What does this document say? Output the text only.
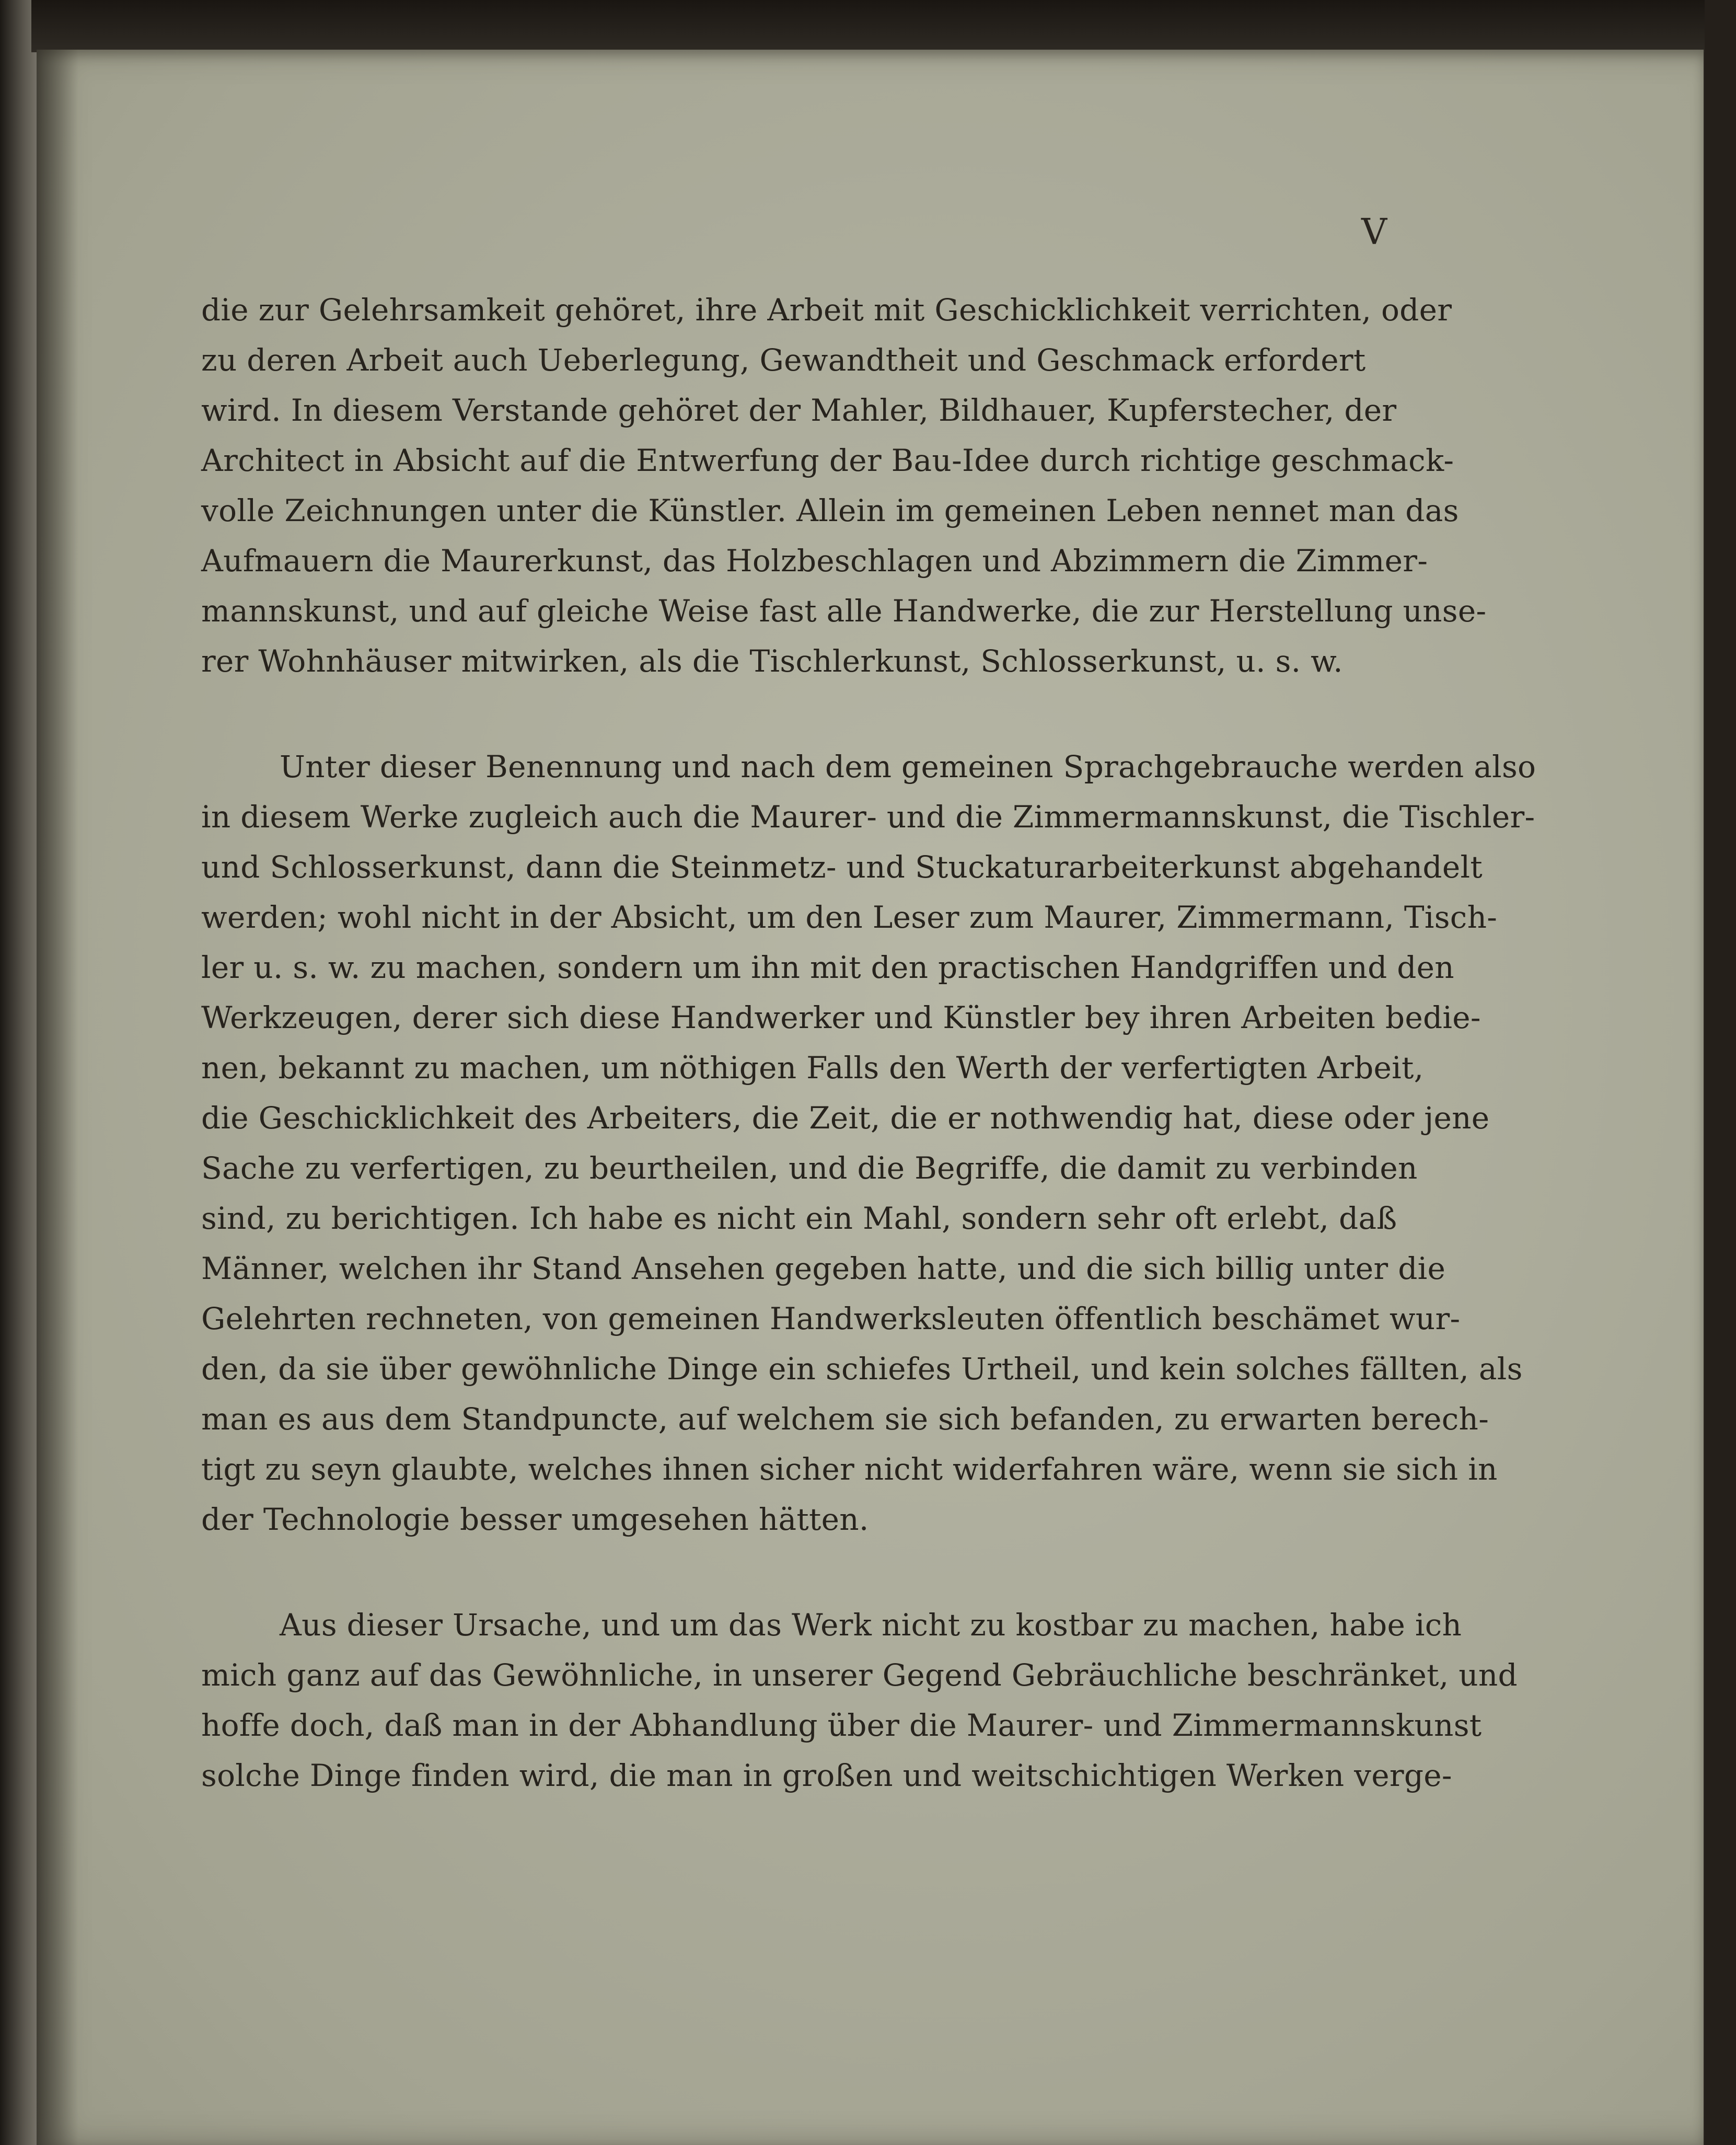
V

die zur Gelehrsamkeit gehöret, ihre Arbeit mit Geschicklichkeit verrichten, oder
zu deren Arbeit auch Ueberlegung, Gewandtheit und Geschmack erfordert
wird. In diesem Verstande gehöret der Mahler, Bildhauer, Kupferstecher, der
Architect in Absicht auf die Entwerfung der Bau-Idee durch richtige geschmack-
volle Zeichnungen unter die Künstler. Allein im gemeinen Leben nennet man das
Aufmauern die Maurerkunst, das Holzbeschlagen und Abzimmern die Zimmer-
mannskunst, und auf gleiche Weise fast alle Handwerke, die zur Herstellung unse-
rer Wohnhäuser mitwirken, als die Tischlerkunst, Schlosserkunst, u. s. w.
Unter dieser Benennung und nach dem gemeinen Sprachgebrauche werden also
in diesem Werke zugleich auch die Maurer- und die Zimmermannskunst, die Tischler-
und Schlosserkunst, dann die Steinmetz- und Stuckaturarbeiterkunst abgehandelt
werden; wohl nicht in der Absicht, um den Leser zum Maurer, Zimmermann, Tisch-
ler u. s. w. zu machen, sondern um ihn mit den practischen Handgriffen und den
Werkzeugen, derer sich diese Handwerker und Künstler bey ihren Arbeiten bedie-
nen, bekannt zu machen, um nöthigen Falls den Werth der verfertigten Arbeit,
die Geschicklichkeit des Arbeiters, die Zeit, die er nothwendig hat, diese oder jene
Sache zu verfertigen, zu beurtheilen, und die Begriffe, die damit zu verbinden
sind, zu berichtigen. Ich habe es nicht ein Mahl, sondern sehr oft erlebt, daß
Männer, welchen ihr Stand Ansehen gegeben hatte, und die sich billig unter die
Gelehrten rechneten, von gemeinen Handwerksleuten öffentlich beschämet wur-
den, da sie über gewöhnliche Dinge ein schiefes Urtheil, und kein solches fällten, als
man es aus dem Standpuncte, auf welchem sie sich befanden, zu erwarten berech-
tigt zu seyn glaubte, welches ihnen sicher nicht widerfahren wäre, wenn sie sich in
der Technologie besser umgesehen hätten.
Aus dieser Ursache, und um das Werk nicht zu kostbar zu machen, habe ich
mich ganz auf das Gewöhnliche, in unserer Gegend Gebräuchliche beschränket, und
hoffe doch, daß man in der Abhandlung über die Maurer- und Zimmermannskunst
solche Dinge finden wird, die man in großen und weitschichtigen Werken verge-
